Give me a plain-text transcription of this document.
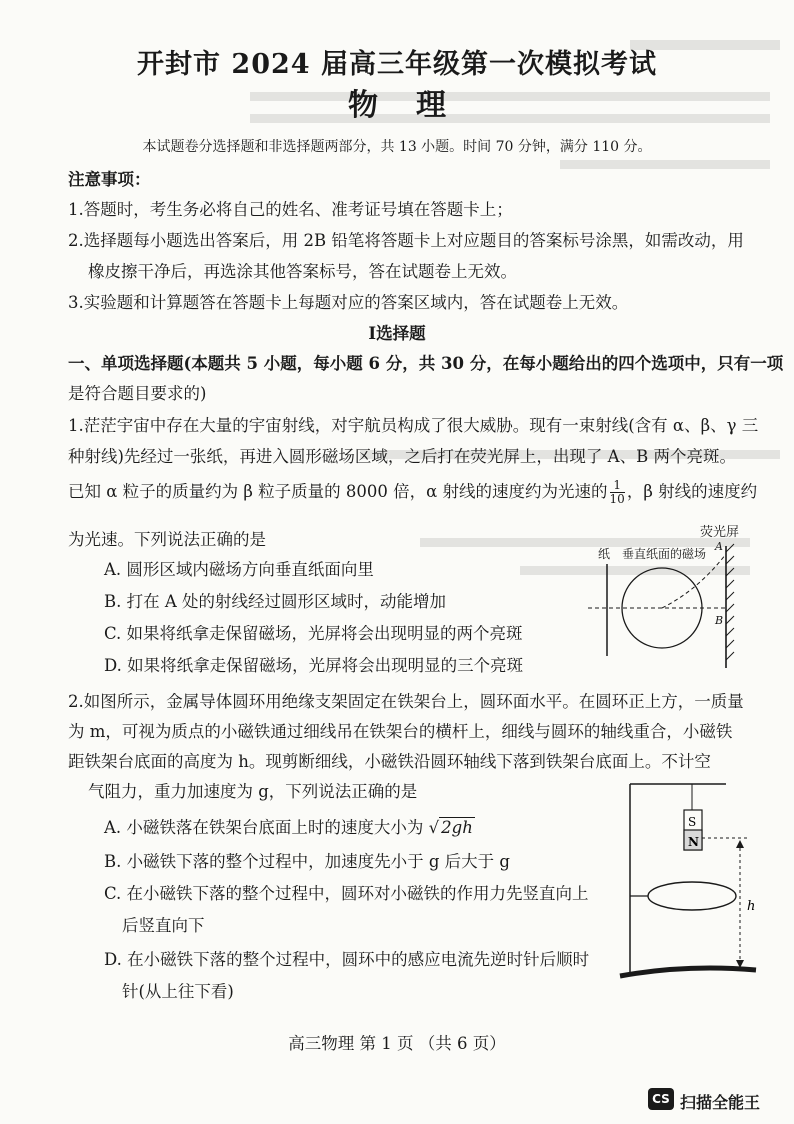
开封市 2024 届高三年级第一次模拟考试
物理
本试题卷分选择题和非选择题两部分，共 13 小题。时间 70 分钟，满分 110 分。
注意事项：
1.答题时，考生务必将自己的姓名、准考证号填在答题卡上；
2.选择题每小题选出答案后，用 2B 铅笔将答题卡上对应题目的答案标号涂黑，如需改动，用
橡皮擦干净后，再选涂其他答案标号，答在试题卷上无效。
3.实验题和计算题答在答题卡上每题对应的答案区域内，答在试题卷上无效。
Ⅰ选择题
一、单项选择题(本题共 5 小题，每小题 6 分，共 30 分，在每小题给出的四个选项中，只有一项
是符合题目要求的)
1.茫茫宇宙中存在大量的宇宙射线，对宇航员构成了很大威胁。现有一束射线(含有 α、β、γ 三
种射线)先经过一张纸，再进入圆形磁场区域，之后打在荧光屏上，出现了 A、B 两个亮斑。
已知 α 粒子的质量约为 β 粒子质量的 8000 倍，α 射线的速度约为光速的 $\frac{1}{10}$ ，β 射线的速度约
为光速。下列说法正确的是
A. 圆形区域内磁场方向垂直纸面向里
B. 打在 A 处的射线经过圆形区域时，动能增加
C. 如果将纸拿走保留磁场，光屏将会出现明显的两个亮斑
D. 如果将纸拿走保留磁场，光屏将会出现明显的三个亮斑
荧光屏
纸 垂直纸面的磁场
A
B
2.如图所示，金属导体圆环用绝缘支架固定在铁架台上，圆环面水平。在圆环正上方，一质量
为 m，可视为质点的小磁铁通过细线吊在铁架台的横杆上，细线与圆环的轴线重合，小磁铁
距铁架台底面的高度为 h。现剪断细线，小磁铁沿圆环轴线下落到铁架台底面上。不计空
气阻力，重力加速度为 g，下列说法正确的是
A. 小磁铁落在铁架台底面上时的速度大小为 √ 2gh
B. 小磁铁下落的整个过程中，加速度先小于 g 后大于 g
C. 在小磁铁下落的整个过程中，圆环对小磁铁的作用力先竖直向上
后竖直向下
D. 在小磁铁下落的整个过程中，圆环中的感应电流先逆时针后顺时
针(从上往下看)
S
N
h
高三物理 第 1 页 （共 6 页）
CS 扫描全能王
